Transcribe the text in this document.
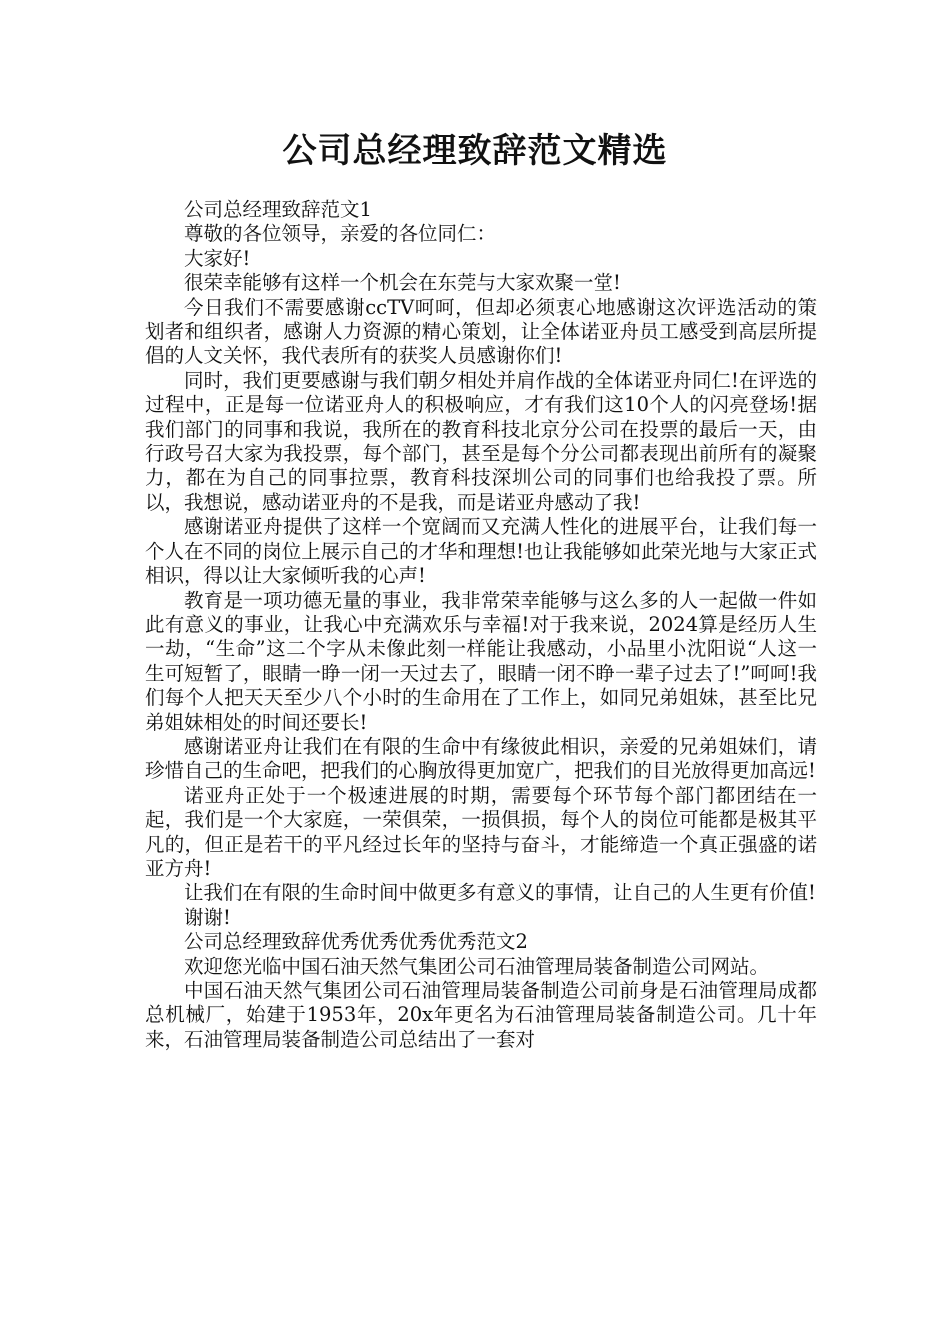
公司总经理致辞范文精选

公司总经理致辞范文1

尊敬的各位领导，亲爱的各位同仁：

大家好!

很荣幸能够有这样一个机会在东莞与大家欢聚一堂!

今日我们不需要感谢ccTV呵呵，但却必须衷心地感谢这次评选活动的策划者和组织者，感谢人力资源的精心策划，让全体诺亚舟员工感受到高层所提倡的人文关怀，我代表所有的获奖人员感谢你们!

同时，我们更要感谢与我们朝夕相处并肩作战的全体诺亚舟同仁!在评选的过程中，正是每一位诺亚舟人的积极响应，才有我们这10个人的闪亮登场!据我们部门的同事和我说，我所在的教育科技北京分公司在投票的最后一天，由行政号召大家为我投票，每个部门，甚至是每个分公司都表现出前所有的凝聚力，都在为自己的同事拉票，教育科技深圳公司的同事们也给我投了票。所以，我想说，感动诺亚舟的不是我，而是诺亚舟感动了我!

感谢诺亚舟提供了这样一个宽阔而又充满人性化的进展平台，让我们每一个人在不同的岗位上展示自己的才华和理想!也让我能够如此荣光地与大家正式相识，得以让大家倾听我的心声!

教育是一项功德无量的事业，我非常荣幸能够与这么多的人一起做一件如此有意义的事业，让我心中充满欢乐与幸福!对于我来说，2024算是经历人生一劫，“生命”这二个字从未像此刻一样能让我感动，小品里小沈阳说“人这一生可短暂了，眼睛一睁一闭一天过去了，眼睛一闭不睁一辈子过去了!”呵呵!我们每个人把天天至少八个小时的生命用在了工作上，如同兄弟姐妹，甚至比兄弟姐妹相处的时间还要长!

感谢诺亚舟让我们在有限的生命中有缘彼此相识，亲爱的兄弟姐妹们，请珍惜自己的生命吧，把我们的心胸放得更加宽广，把我们的目光放得更加高远!

诺亚舟正处于一个极速进展的时期，需要每个环节每个部门都团结在一起，我们是一个大家庭，一荣俱荣，一损俱损，每个人的岗位可能都是极其平凡的，但正是若干的平凡经过长年的坚持与奋斗，才能缔造一个真正强盛的诺亚方舟!

让我们在有限的生命时间中做更多有意义的事情，让自己的人生更有价值!

谢谢!

公司总经理致辞优秀优秀优秀优秀范文2

欢迎您光临中国石油天然气集团公司石油管理局装备制造公司网站。

中国石油天然气集团公司石油管理局装备制造公司前身是石油管理局成都总机械厂，始建于1953年，20x年更名为石油管理局装备制造公司。几十年来，石油管理局装备制造公司总结出了一套对
